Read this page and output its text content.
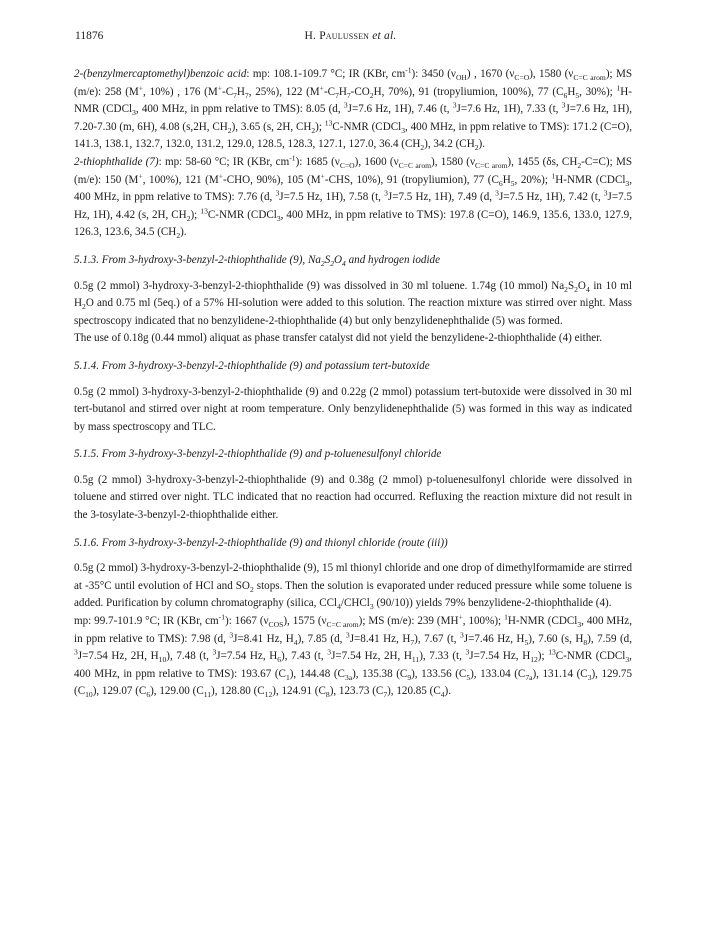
11876	H. Paulussen et al.

2-(benzylmercaptomethyl)benzoic acid: mp: 108.1-109.7 °C; IR (KBr, $cm^{-1}$): 3450 $(\nu_{OH})$ , 1670 $(\nu_{C=O})$, 1580 $(\nu_{C=C arom})$; MS (m/e): 258 (M+, 10%) , 176 ($M^+-C_7H_7$, 25%), 122 ($M^+-C_7H_7-CO_2H$, 70%), 91 (tropyliumion, 100%), 77 ($C_6H_5$, 30%); $^1$H-NMR (CDCl$_3$, 400 MHz, in ppm relative to TMS): 8.05 (d, $^3$J=7.6 Hz, 1H), 7.46 (t, $^3$J=7.6 Hz, 1H), 7.33 (t, $^3$J=7.6 Hz, 1H), 7.20-7.30 (m, 6H), 4.08 (s,2H, $CH_2$), 3.65 (s, 2H, $CH_2$); $^{13}$C-NMR (CDCl$_3$, 400 MHz, in ppm relative to TMS): 171.2 (C=O), 141.3, 138.1, 132.7, 132.0, 131.2, 129.0, 128.5, 128.3, 127.1, 127.0, 36.4 $(CH_2)$, 34.2 $(CH_2)$.

2-thiophthalide (7): mp: 58-60 °C; IR (KBr, $cm^{-1}$): 1685 $(\nu_{C=O})$, 1600 $(\nu_{C=C arom})$, 1580 $(\nu_{C=C arom})$, 1455 (δs, $CH_2-C=C$); MS (m/e): 150 (M+, 100%), 121 (M+-CHO, 90%), 105 (M+-CHS, 10%), 91 (tropyliumion), 77 ($C_6H_5$, 20%); $^1$H-NMR (CDCl$_3$, 400 MHz, in ppm relative to TMS): 7.76 (d, $^3$J=7.5 Hz, 1H), 7.58 (t, $^3$J=7.5 Hz, 1H), 7.49 (d, $^3$J=7.5 Hz, 1H), 7.42 (t, $^3$J=7.5 Hz, 1H), 4.42 (s, 2H, $CH_2$); $^{13}$C-NMR (CDCl$_3$, 400 MHz, in ppm relative to TMS): 197.8 (C=O), 146.9, 135.6, 133.0, 127.9, 126.3, 123.6, 34.5 $(CH_2)$.

5.1.3. From 3-hydroxy-3-benzyl-2-thiophthalide (9), $Na_2S_2O_4$ and hydrogen iodide

0.5g (2 mmol) 3-hydroxy-3-benzyl-2-thiophthalide (9) was dissolved in 30 ml toluene. 1.74g (10 mmol) $Na_2S_2O_4$ in 10 ml $H_2O$ and 0.75 ml (5eq.) of a 57% HI-solution were added to this solution. The reaction mixture was stirred over night. Mass spectroscopy indicated that no benzylidene-2-thiophthalide (4) but only benzylidenephthalide (5) was formed.

The use of 0.18g (0.44 mmol) aliquat as phase transfer catalyst did not yield the benzylidene-2-thiophthalide (4) either.

5.1.4. From 3-hydroxy-3-benzyl-2-thiophthalide (9) and potassium tert-butoxide

0.5g (2 mmol) 3-hydroxy-3-benzyl-2-thiophthalide (9) and 0.22g (2 mmol) potassium tert-butoxide were dissolved in 30 ml tert-butanol and stirred over night at room temperature. Only benzylidenephthalide (5) was formed in this way as indicated by mass spectroscopy and TLC.

5.1.5. From 3-hydroxy-3-benzyl-2-thiophthalide (9) and p-toluenesulfonyl chloride

0.5g (2 mmol) 3-hydroxy-3-benzyl-2-thiophthalide (9) and 0.38g (2 mmol) p-toluenesulfonyl chloride were dissolved in toluene and stirred over night. TLC indicated that no reaction had occurred. Refluxing the reaction mixture did not result in the 3-tosylate-3-benzyl-2-thiophthalide either.

5.1.6. From 3-hydroxy-3-benzyl-2-thiophthalide (9) and thionyl chloride (route (iii))

0.5g (2 mmol) 3-hydroxy-3-benzyl-2-thiophthalide (9), 15 ml thionyl chloride and one drop of dimethylformamide are stirred at -35°C until evolution of HCl and $SO_2$ stops. Then the solution is evaporated under reduced pressure while some toluene is added. Purification by column chromatography (silica, CCl$_4$/CHCl$_3$ (90/10)) yields 79% benzylidene-2-thiophthalide (4).

mp: 99.7-101.9 °C; IR (KBr, $cm^{-1}$): 1667 $(\nu_{COS})$, 1575 $(\nu_{C=C arom})$; MS (m/e): 239 (MH+, 100%); $^1$H-NMR (CDCl$_3$, 400 MHz, in ppm relative to TMS): 7.98 (d, $^3$J=8.41 Hz, $H_4$), 7.85 (d, $^3$J=8.41 Hz, $H_7$), 7.67 (t, $^3$J=7.46 Hz, $H_5$), 7.60 (s, $H_8$), 7.59 (d, $^3$J=7.54 Hz, 2H, $H_{10}$), 7.48 (t, $^3$J=7.54 Hz, $H_6$), 7.43 (t, $^3$J=7.54 Hz, 2H, $H_{11}$), 7.33 (t, $^3$J=7.54 Hz, $H_{12}$); $^{13}$C-NMR (CDCl$_3$, 400 MHz, in ppm relative to TMS): 193.67 $(C_1)$, 144.48 $(C_{3a})$, 135.38 $(C_9)$, 133.56 $(C_5)$, 133.04 $(C_{7a})$, 131.14 $(C_3)$, 129.75 $(C_{10})$, 129.07 $(C_6)$, 129.00 $(C_{11})$, 128.80 $(C_{12})$, 124.91 $(C_8)$, 123.73 $(C_7)$, 120.85 $(C_4)$.
